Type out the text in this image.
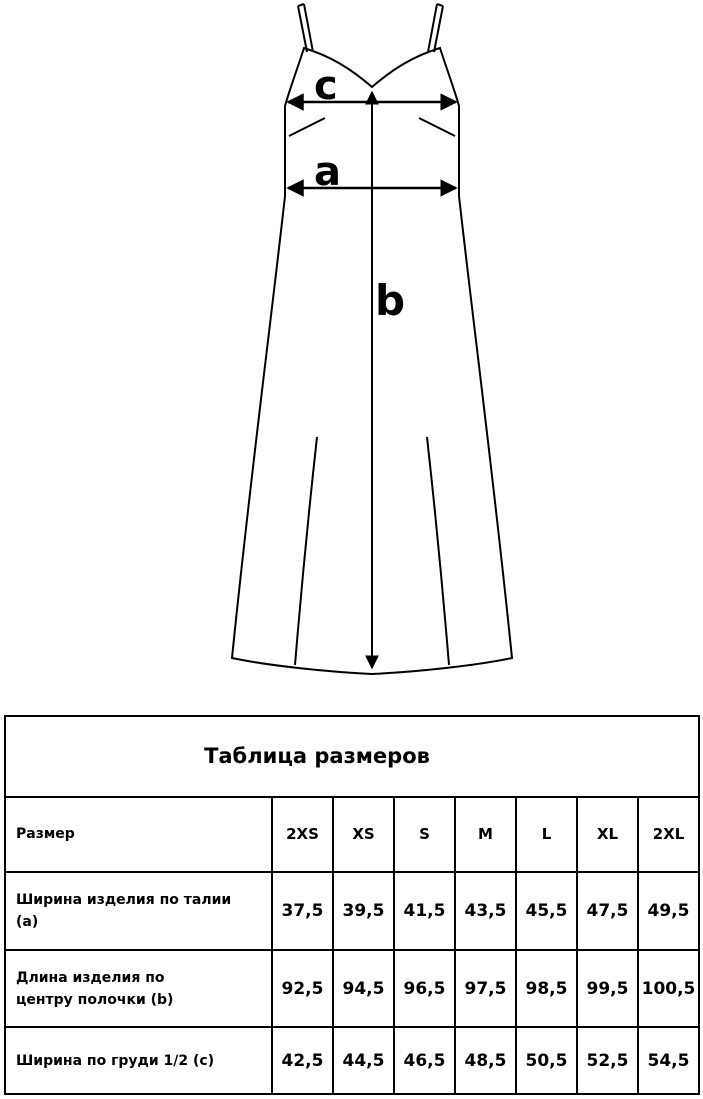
c
a
b
Таблица размеров							
Размер	2XS	XS	S	M	L	XL	2XL
Ширина изделия по талии
(a)	37,5	39,5	41,5	43,5	45,5	47,5	49,5
Длина изделия по
центру полочки (b)	92,5	94,5	96,5	97,5	98,5	99,5	100,5
Ширина по груди 1/2 (c)	42,5	44,5	46,5	48,5	50,5	52,5	54,5
